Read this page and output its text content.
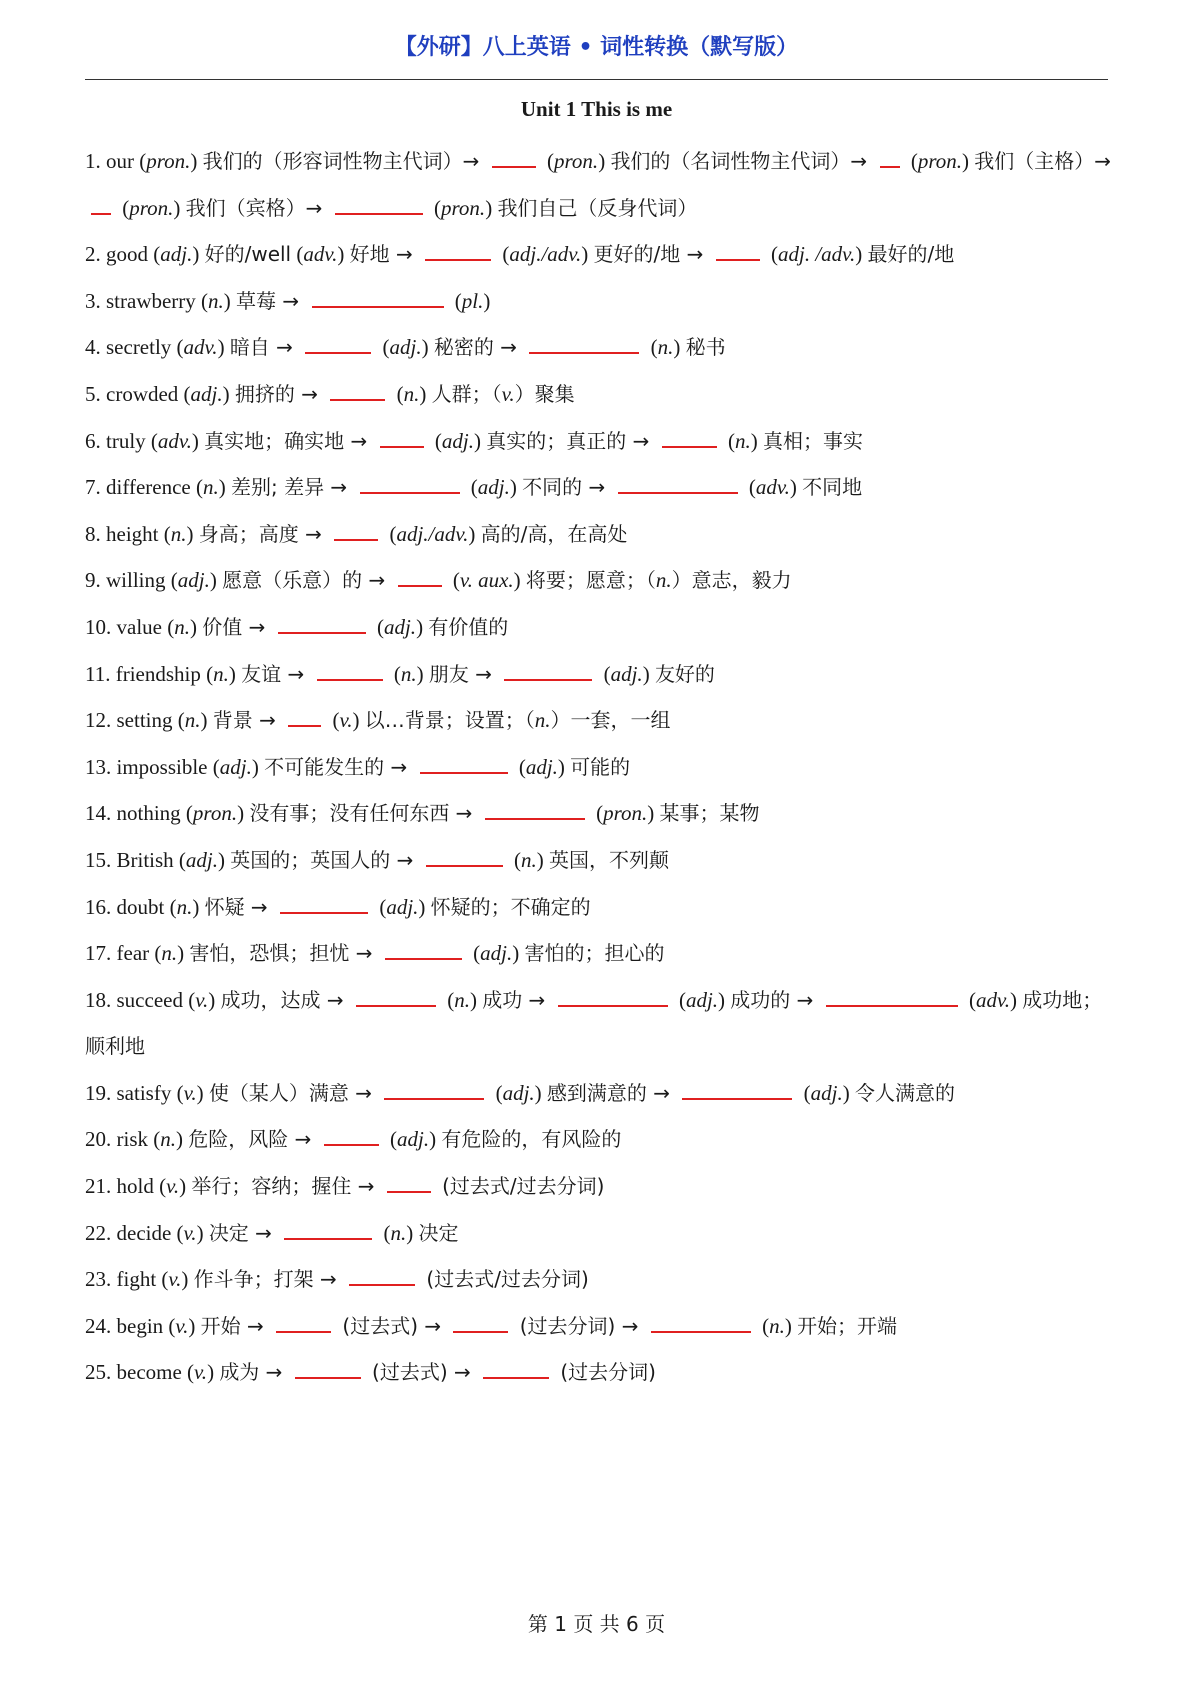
【外研】八上英语 • 词性转换（默写版）
Unit 1 This is me
1. our (pron.) 我们的（形容词性物主代词）→	(pron.) 我们的（名词性物主代词）→  (pron.) 我们（主格）→  (pron.) 我们（宾格）→	(pron.) 我们自己（反身代词）
2. good (adj.) 好的/well (adv.) 好地 →	(adj./adv.) 更好的/地 →	(adj. /adv.) 最好的/地
3. strawberry (n.) 草莓 →	(pl.)
4. secretly (adv.) 暗自 →	(adj.) 秘密的 →	(n.) 秘书
5. crowded (adj.) 拥挤的 →	(n.) 人群；（v.）聚集
6. truly (adv.) 真实地；确实地 →	(adj.) 真实的；真正的 →	(n.) 真相；事实
7. difference (n.) 差别; 差异 →	(adj.) 不同的 →	(adv.) 不同地
8. height (n.) 身高；高度 →	(adj./adv.) 高的/高，在高处
9. willing (adj.) 愿意（乐意）的 →	(v. aux.) 将要；愿意；（n.）意志，毅力
10. value (n.) 价值 →	(adj.) 有价值的
11. friendship (n.) 友谊 →	(n.) 朋友 →	(adj.) 友好的
12. setting (n.) 背景 →  (v.) 以…背景；设置；（n.）一套，一组
13. impossible (adj.) 不可能发生的 →	(adj.) 可能的
14. nothing (pron.) 没有事；没有任何东西 →	(pron.) 某事；某物
15. British (adj.) 英国的；英国人的 →	(n.) 英国，不列颠
16. doubt (n.) 怀疑 →	(adj.) 怀疑的；不确定的
17. fear (n.) 害怕，恐惧；担忧 →	(adj.) 害怕的；担心的
18. succeed (v.) 成功，达成 →	(n.) 成功 →	(adj.) 成功的 →	(adv.) 成功地；顺利地
19. satisfy (v.) 使（某人）满意 →	(adj.) 感到满意的 →	(adj.) 令人满意的
20. risk (n.) 危险，风险 →	(adj.) 有危险的，有风险的
21. hold (v.) 举行；容纳；握住 →	(过去式/过去分词)
22. decide (v.) 决定 →	(n.) 决定
23. fight (v.) 作斗争；打架 →	(过去式/过去分词)
24. begin (v.) 开始 →	(过去式) →	(过去分词) →	(n.) 开始；开端
25. become (v.) 成为 →	(过去式) →	(过去分词)
第 1 页 共 6 页
